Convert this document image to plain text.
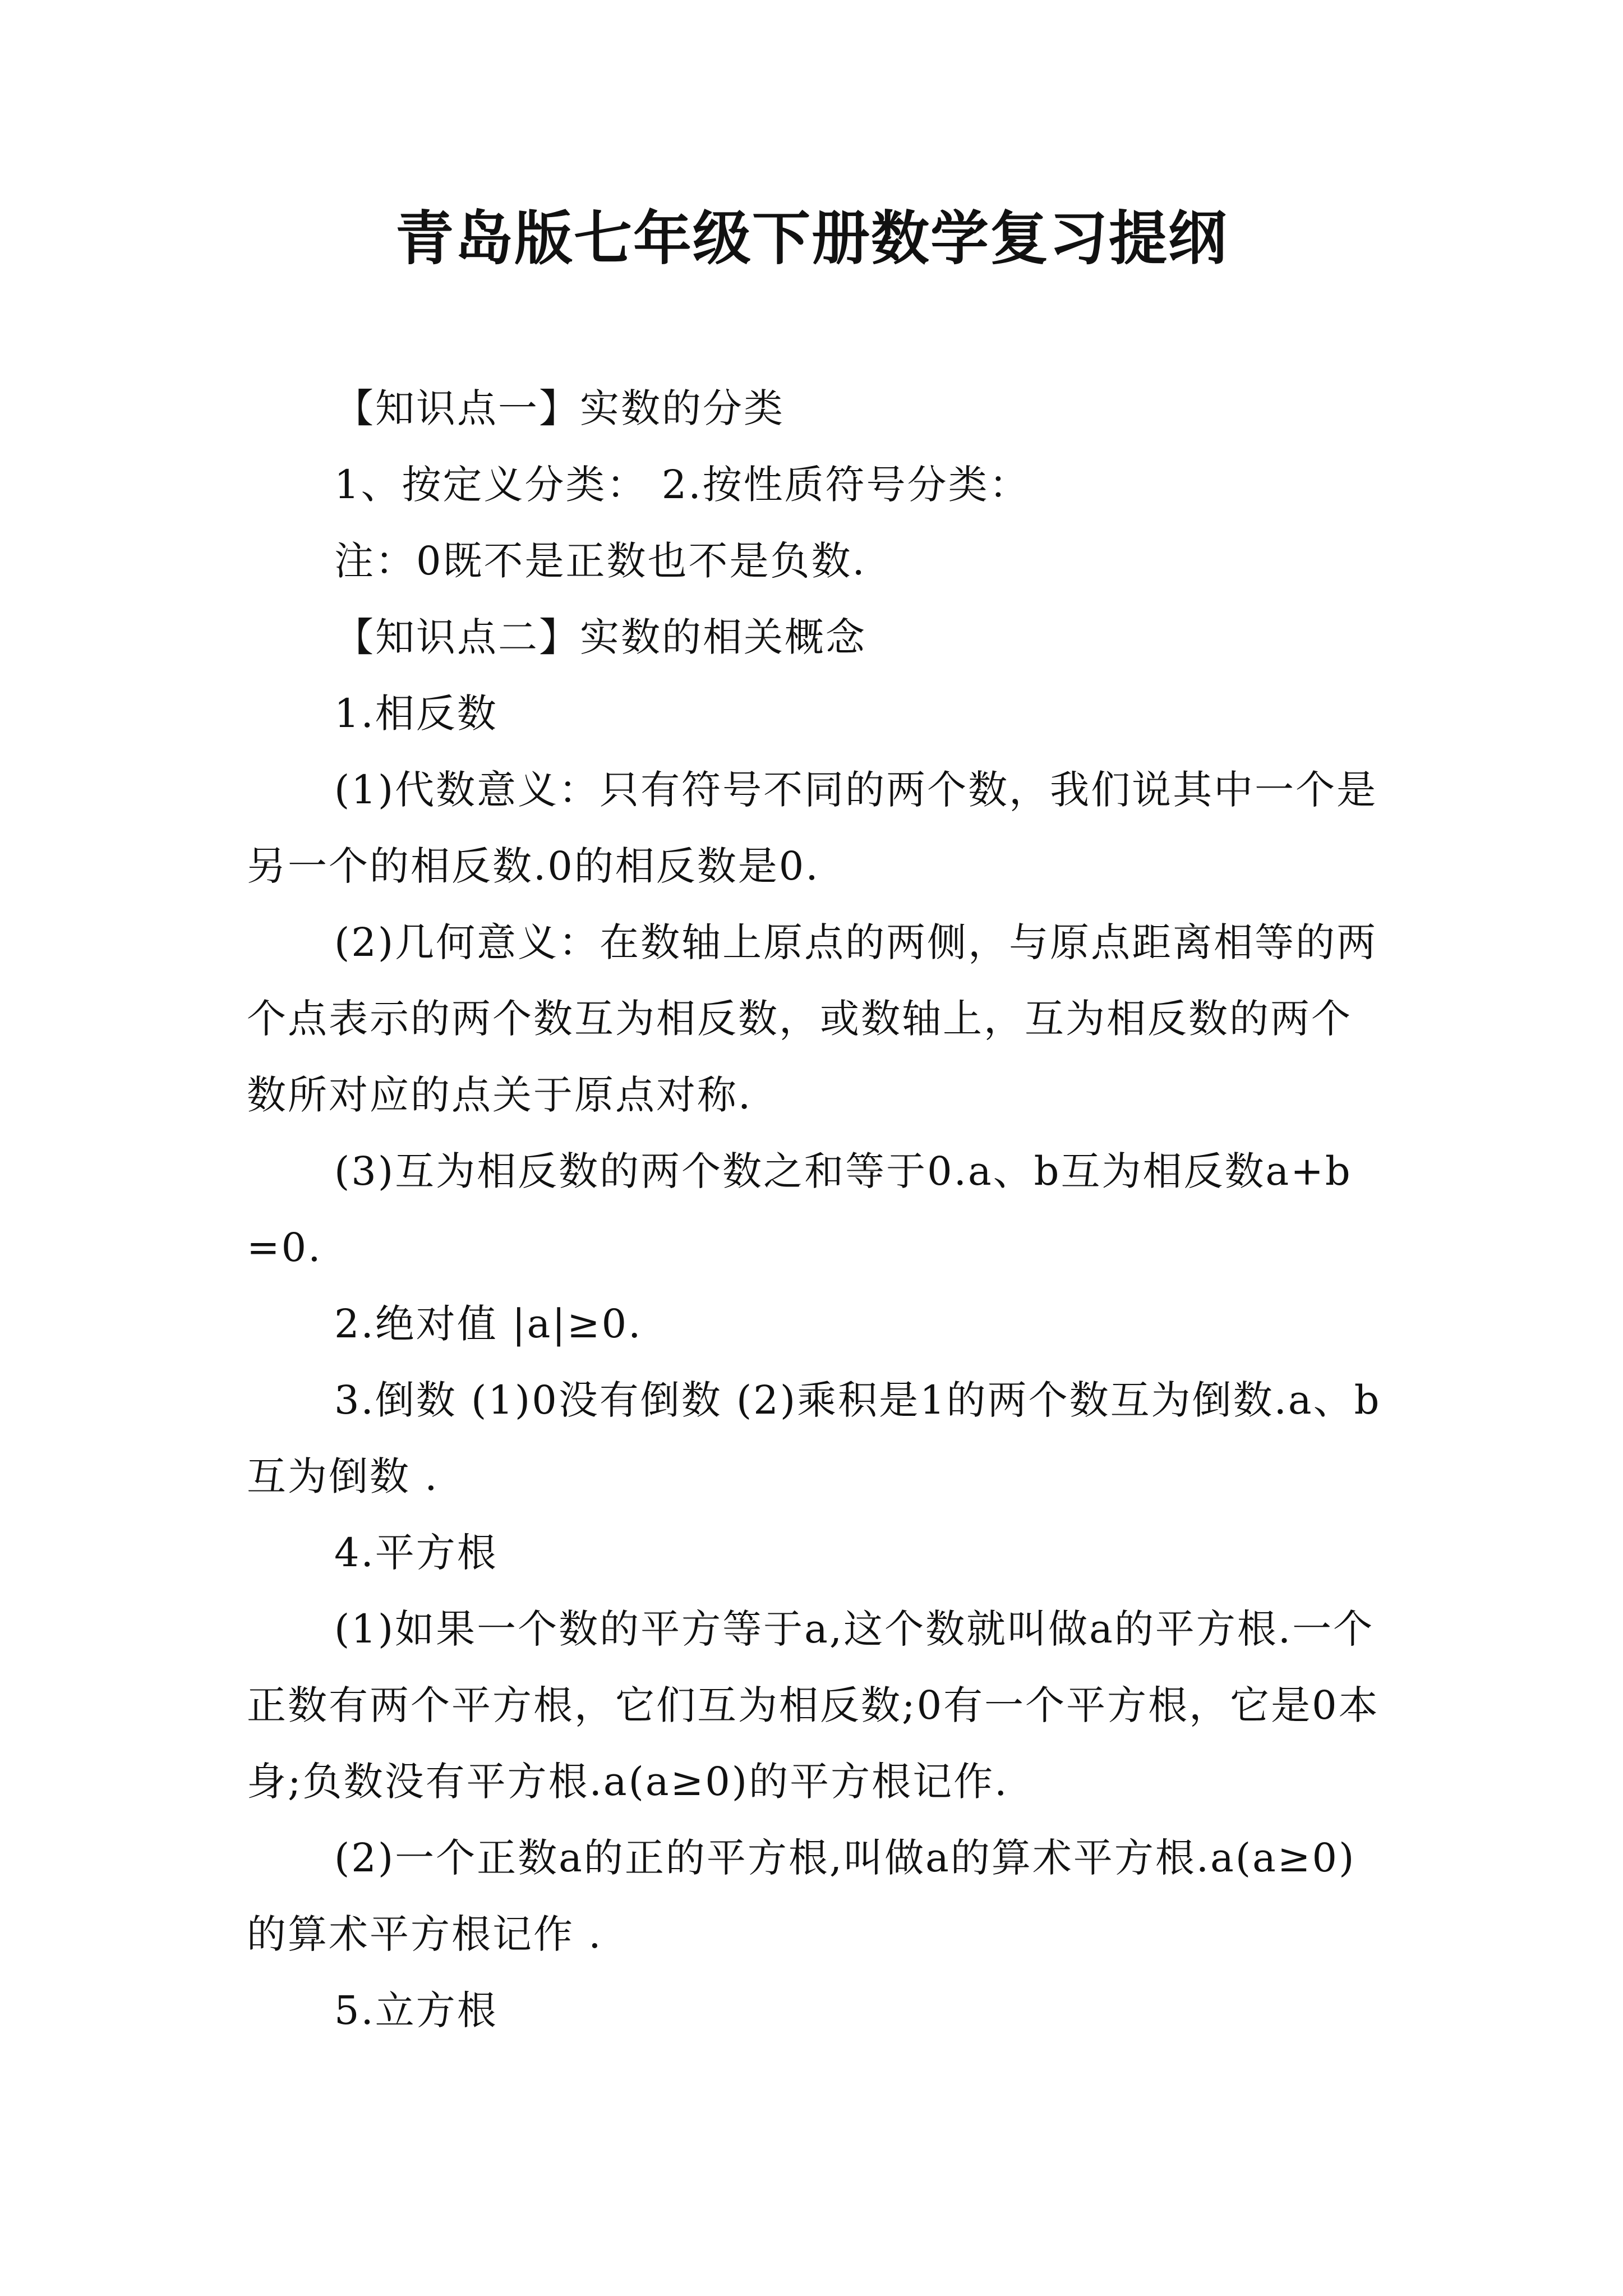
青岛版七年级下册数学复习提纲

【知识点一】实数的分类

1、按定义分类： 2.按性质符号分类：

注：0既不是正数也不是负数.

【知识点二】实数的相关概念

1.相反数

(1)代数意义：只有符号不同的两个数，我们说其中一个是另一个的相反数.0的相反数是0.

(2)几何意义：在数轴上原点的两侧，与原点距离相等的两个点表示的两个数互为相反数，或数轴上，互为相反数的两个数所对应的点关于原点对称.

(3)互为相反数的两个数之和等于0.a、b互为相反数a+b=0.

2.绝对值 |a|≥0.

3.倒数 (1)0没有倒数 (2)乘积是1的两个数互为倒数.a、b互为倒数 .

4.平方根

(1)如果一个数的平方等于a,这个数就叫做a的平方根.一个正数有两个平方根，它们互为相反数;0有一个平方根，它是0本身;负数没有平方根.a(a≥0)的平方根记作.

(2)一个正数a的正的平方根,叫做a的算术平方根.a(a≥0)的算术平方根记作 .

5.立方根
